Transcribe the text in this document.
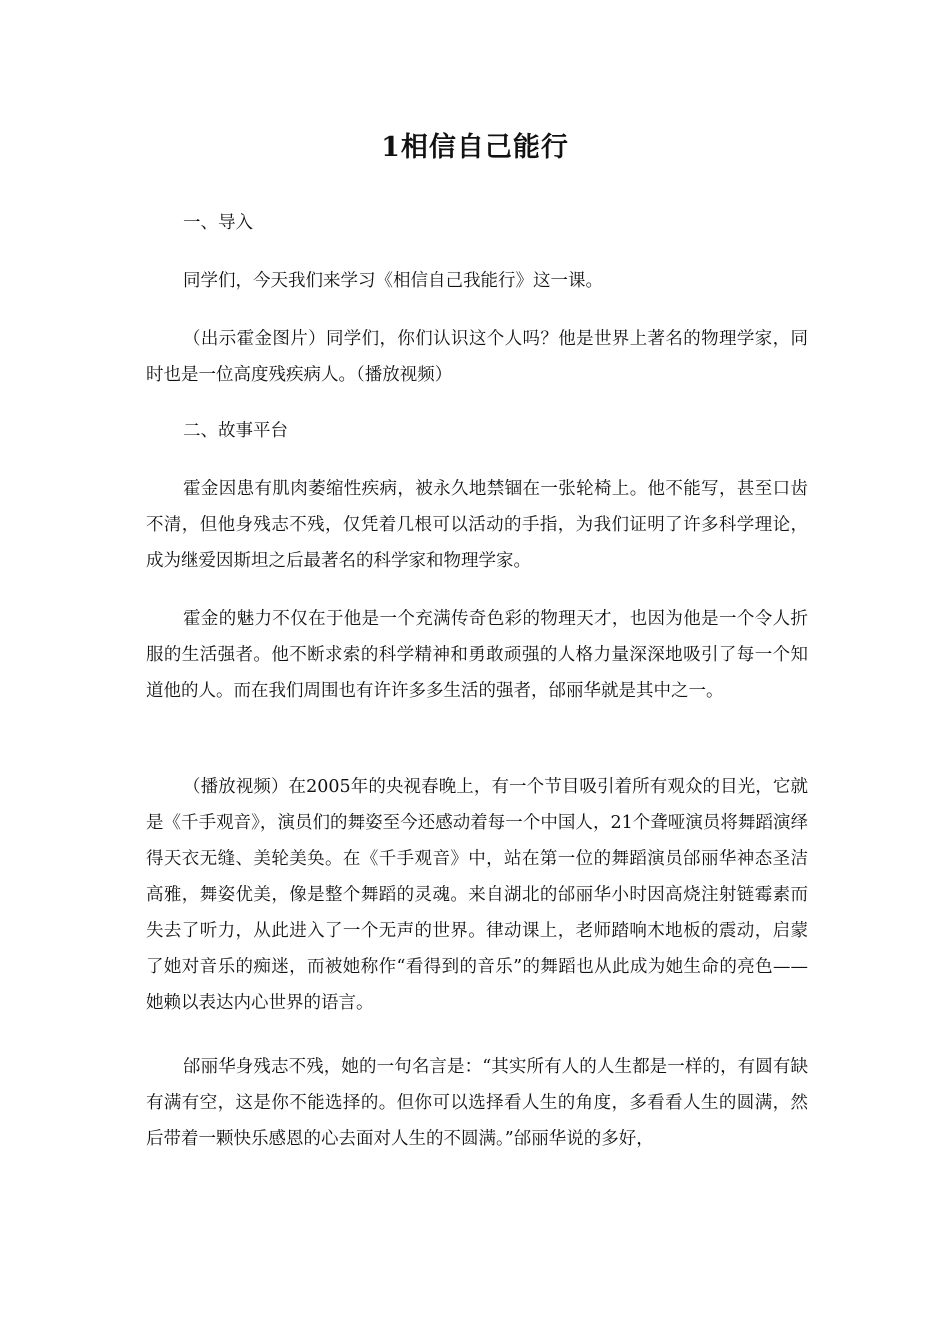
1相信自己能行
一、导入
同学们，今天我们来学习《相信自己我能行》这一课。
（出示霍金图片）同学们，你们认识这个人吗？他是世界上著名的物理学家，同时也是一位高度残疾病人。（播放视频）
二、故事平台
霍金因患有肌肉萎缩性疾病，被永久地禁锢在一张轮椅上。他不能写，甚至口齿不清，但他身残志不残，仅凭着几根可以活动的手指，为我们证明了许多科学理论，成为继爱因斯坦之后最著名的科学家和物理学家。
霍金的魅力不仅在于他是一个充满传奇色彩的物理天才，也因为他是一个令人折服的生活强者。他不断求索的科学精神和勇敢顽强的人格力量深深地吸引了每一个知道他的人。而在我们周围也有许许多多生活的强者，邰丽华就是其中之一。
（播放视频）在2005年的央视春晚上，有一个节目吸引着所有观众的目光，它就是《千手观音》，演员们的舞姿至今还感动着每一个中国人，21个聋哑演员将舞蹈演绎得天衣无缝、美轮美奂。在《千手观音》中，站在第一位的舞蹈演员邰丽华神态圣洁高雅，舞姿优美，像是整个舞蹈的灵魂。来自湖北的邰丽华小时因高烧注射链霉素而失去了听力，从此进入了一个无声的世界。律动课上，老师踏响木地板的震动，启蒙了她对音乐的痴迷，而被她称作“看得到的音乐”的舞蹈也从此成为她生命的亮色——她赖以表达内心世界的语言。
邰丽华身残志不残，她的一句名言是：“其实所有人的人生都是一样的，有圆有缺有满有空，这是你不能选择的。但你可以选择看人生的角度，多看看人生的圆满，然后带着一颗快乐感恩的心去面对人生的不圆满。”邰丽华说的多好，
